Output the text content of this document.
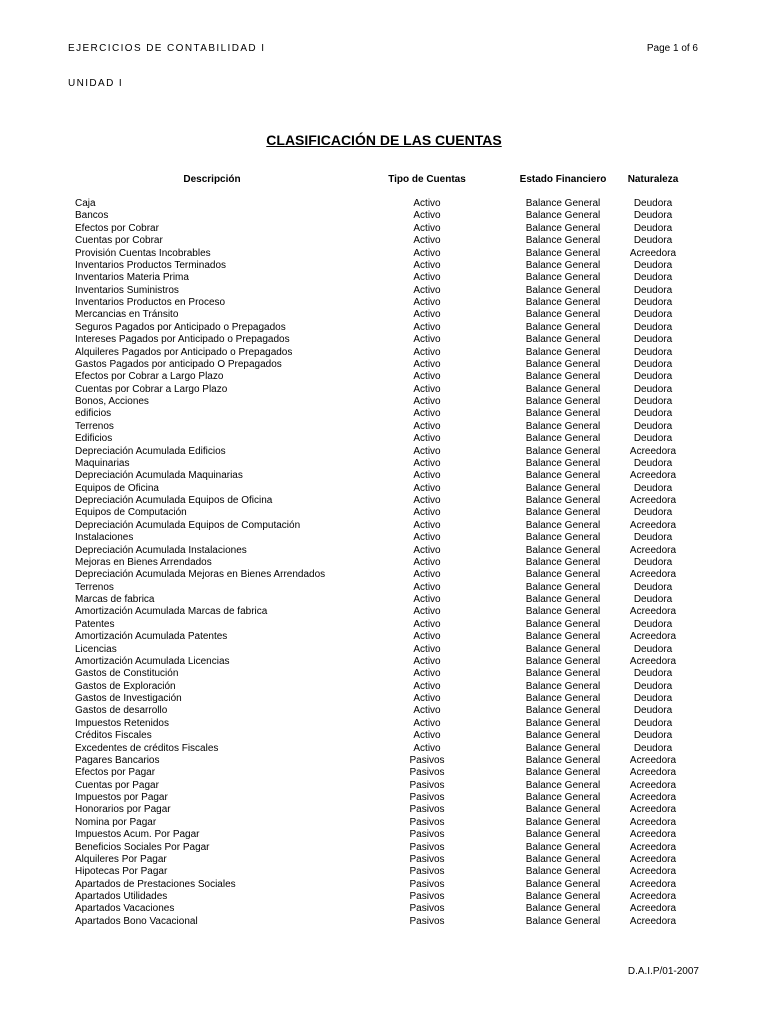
EJERCICIOS DE CONTABILIDAD I	Page 1 of 6
UNIDAD I
CLASIFICACIÓN DE LAS CUENTAS
Descripción	Tipo de Cuentas	Estado Financiero	Naturaleza
Caja	Activo	Balance General	Deudora
Bancos	Activo	Balance General	Deudora
Efectos por Cobrar	Activo	Balance General	Deudora
Cuentas por Cobrar	Activo	Balance General	Deudora
Provisión Cuentas Incobrables	Activo	Balance General	Acreedora
Inventarios Productos Terminados	Activo	Balance General	Deudora
Inventarios Materia Prima	Activo	Balance General	Deudora
Inventarios Suministros	Activo	Balance General	Deudora
Inventarios Productos en Proceso	Activo	Balance General	Deudora
Mercancias en Tránsito	Activo	Balance General	Deudora
Seguros Pagados por Anticipado o Prepagados	Activo	Balance General	Deudora
Intereses Pagados por Anticipado o Prepagados	Activo	Balance General	Deudora
Alquileres Pagados por Anticipado o Prepagados	Activo	Balance General	Deudora
Gastos Pagados por anticipado O Prepagados	Activo	Balance General	Deudora
Efectos por Cobrar a Largo Plazo	Activo	Balance General	Deudora
Cuentas por Cobrar a Largo Plazo	Activo	Balance General	Deudora
Bonos, Acciones	Activo	Balance General	Deudora
edificios	Activo	Balance General	Deudora
Terrenos	Activo	Balance General	Deudora
Edificios	Activo	Balance General	Deudora
Depreciación Acumulada Edificios	Activo	Balance General	Acreedora
Maquinarias	Activo	Balance General	Deudora
Depreciación Acumulada Maquinarias	Activo	Balance General	Acreedora
Equipos de Oficina	Activo	Balance General	Deudora
Depreciación Acumulada Equipos de Oficina	Activo	Balance General	Acreedora
Equipos de Computación	Activo	Balance General	Deudora
Depreciación Acumulada Equipos de Computación	Activo	Balance General	Acreedora
Instalaciones	Activo	Balance General	Deudora
Depreciación Acumulada Instalaciones	Activo	Balance General	Acreedora
Mejoras en Bienes Arrendados	Activo	Balance General	Deudora
Depreciación Acumulada Mejoras en Bienes Arrendados	Activo	Balance General	Acreedora
Terrenos	Activo	Balance General	Deudora
Marcas de fabrica	Activo	Balance General	Deudora
Amortización Acumulada Marcas de fabrica	Activo	Balance General	Acreedora
Patentes	Activo	Balance General	Deudora
Amortización Acumulada Patentes	Activo	Balance General	Acreedora
Licencias	Activo	Balance General	Deudora
Amortización Acumulada Licencias	Activo	Balance General	Acreedora
Gastos de Constitución	Activo	Balance General	Deudora
Gastos de Exploración	Activo	Balance General	Deudora
Gastos de Investigación	Activo	Balance General	Deudora
Gastos de desarrollo	Activo	Balance General	Deudora
Impuestos Retenidos	Activo	Balance General	Deudora
Créditos Fiscales	Activo	Balance General	Deudora
Excedentes de créditos Fiscales	Activo	Balance General	Deudora
Pagares Bancarios	Pasivos	Balance General	Acreedora
Efectos por Pagar	Pasivos	Balance General	Acreedora
Cuentas por Pagar	Pasivos	Balance General	Acreedora
Impuestos por Pagar	Pasivos	Balance General	Acreedora
Honorarios por Pagar	Pasivos	Balance General	Acreedora
Nomina por Pagar	Pasivos	Balance General	Acreedora
Impuestos Acum. Por Pagar	Pasivos	Balance General	Acreedora
Beneficios Sociales Por Pagar	Pasivos	Balance General	Acreedora
Alquileres Por Pagar	Pasivos	Balance General	Acreedora
Hipotecas Por Pagar	Pasivos	Balance General	Acreedora
Apartados de Prestaciones Sociales	Pasivos	Balance General	Acreedora
Apartados Utilidades	Pasivos	Balance General	Acreedora
Apartados Vacaciones	Pasivos	Balance General	Acreedora
Apartados Bono Vacacional	Pasivos	Balance General	Acreedora
D.A.I.P/01-2007
